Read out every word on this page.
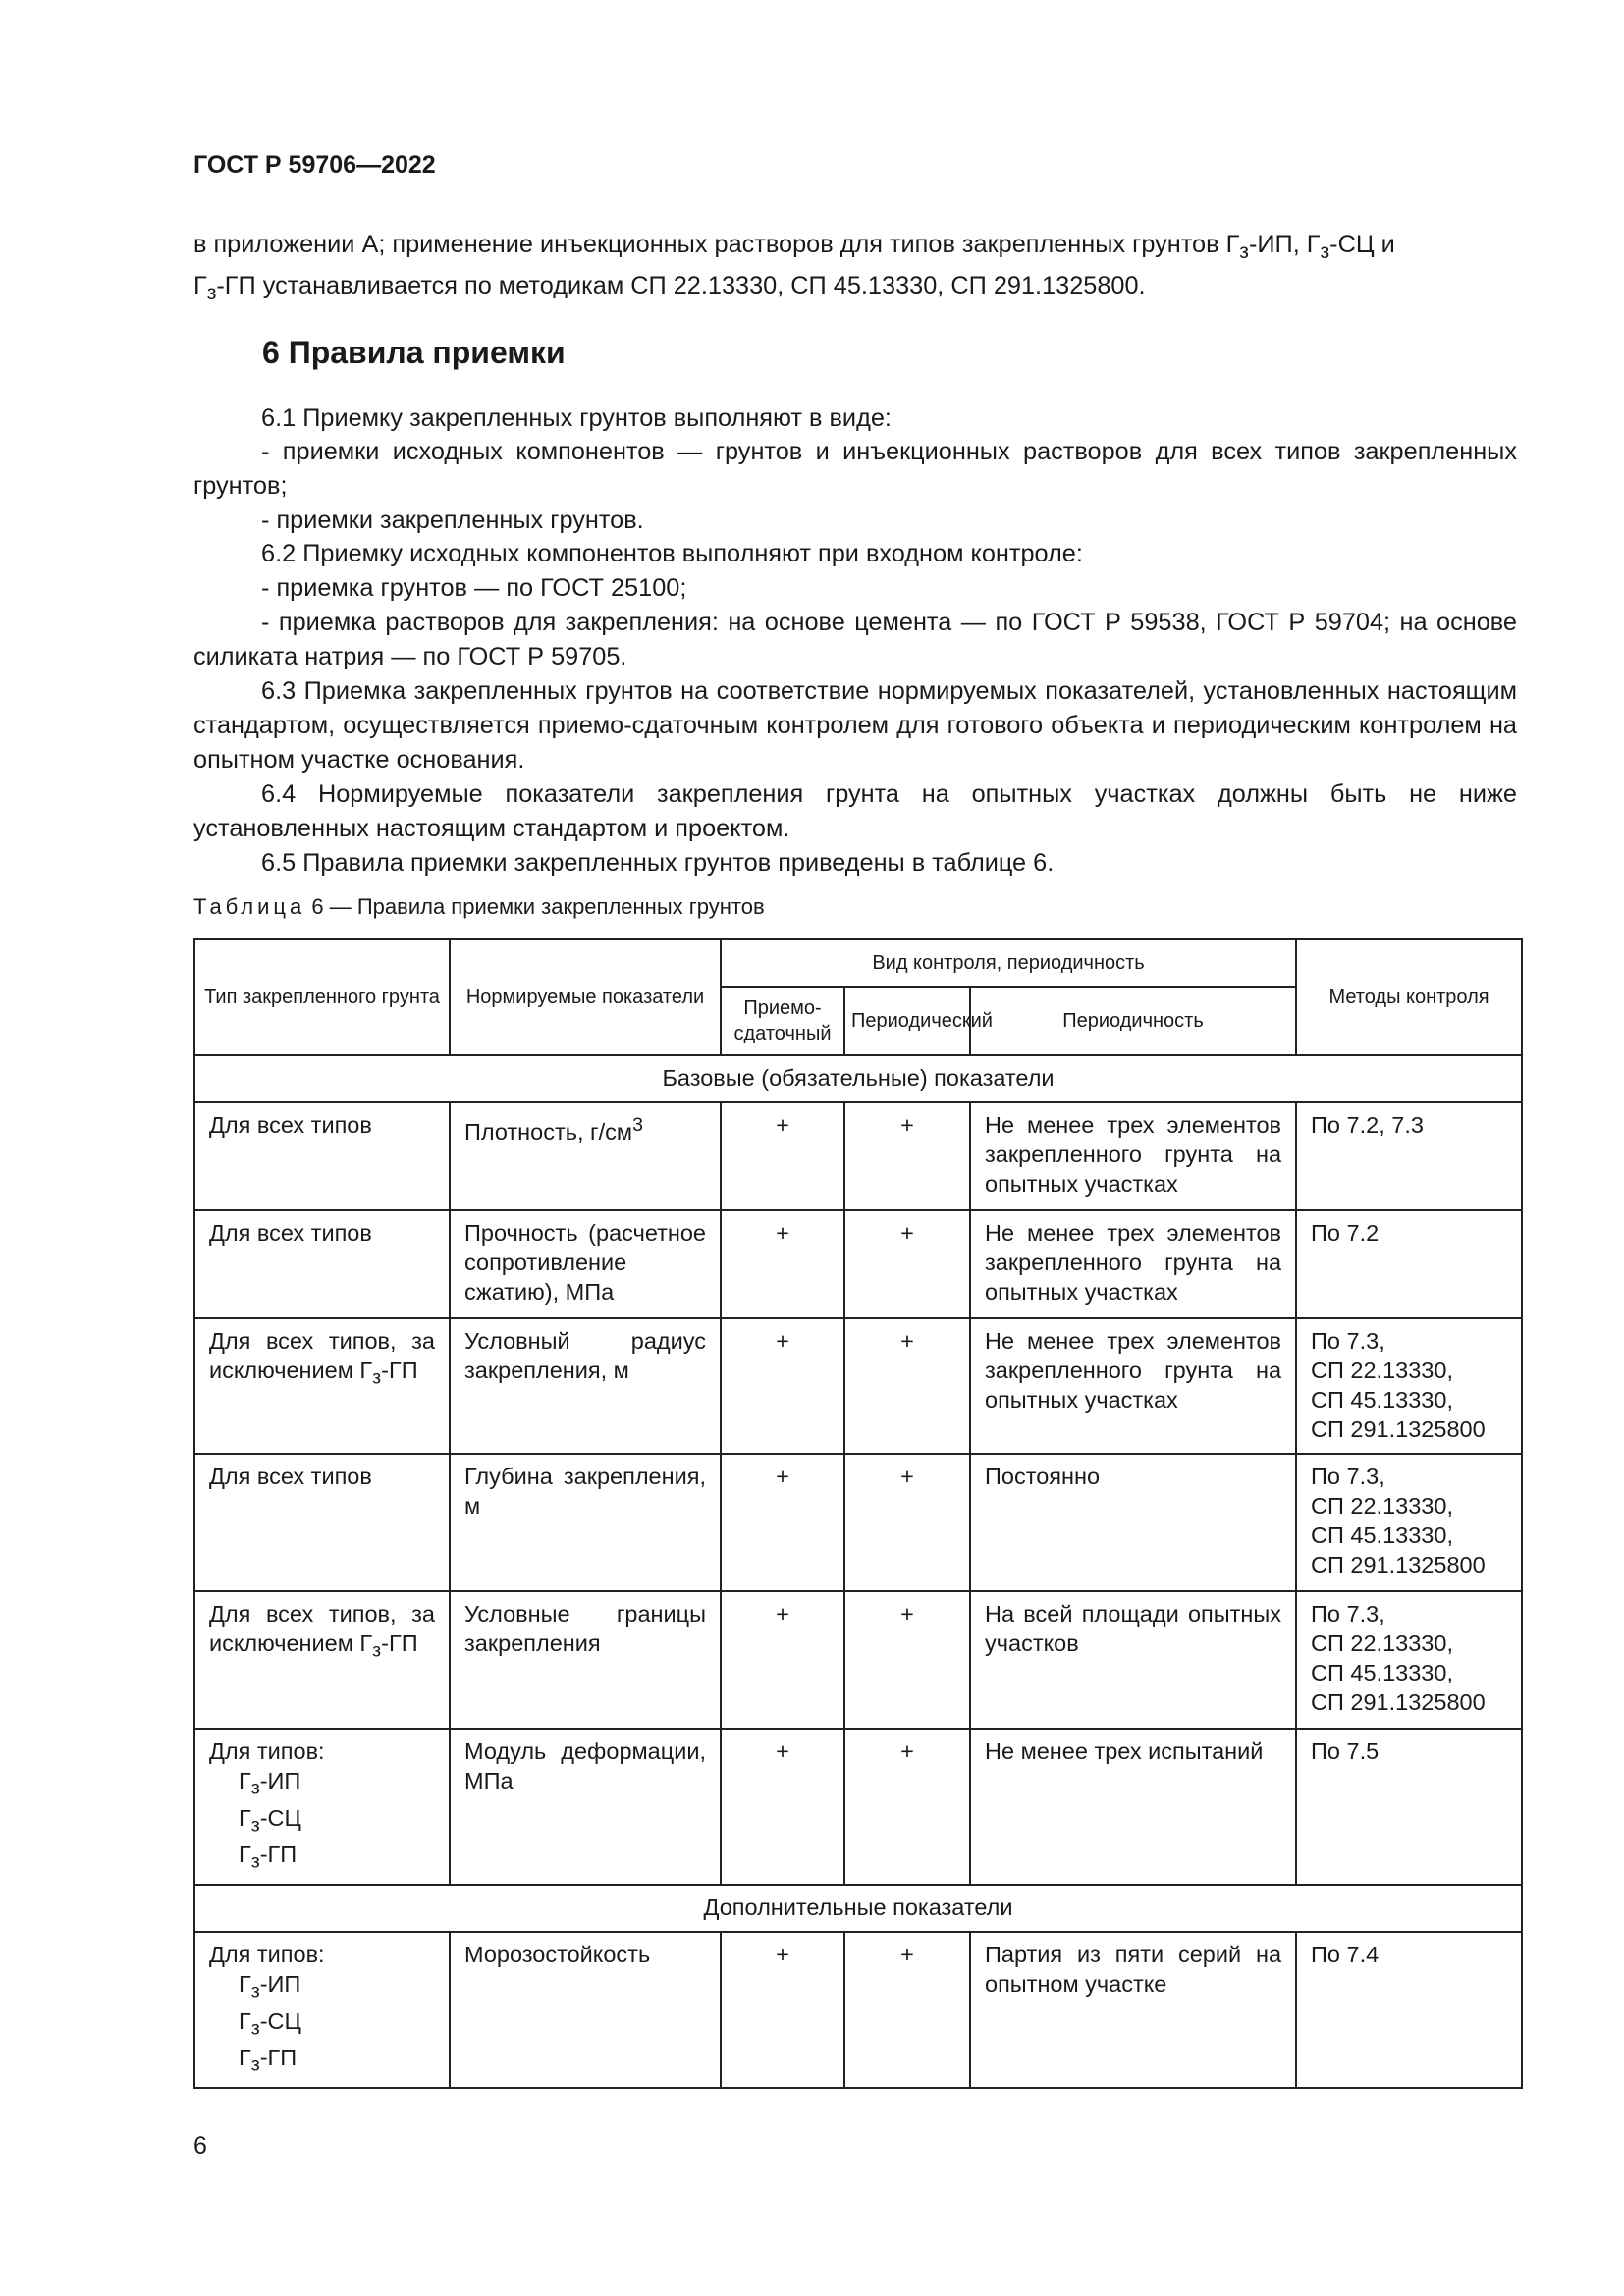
ГОСТ Р 59706—2022

в приложении А; применение инъекционных растворов для типов закрепленных грунтов $Г_з-ИП$, $Г_з-СЦ$ и
$Г_з-ГП$ устанавливается по методикам СП 22.13330, СП 45.13330, СП 291.1325800.

6 Правила приемки

6.1 Приемку закрепленных грунтов выполняют в виде:

- приемки исходных компонентов — грунтов и инъекционных растворов для всех типов закрепленных грунтов;

- приемки закрепленных грунтов.

6.2 Приемку исходных компонентов выполняют при входном контроле:

- приемка грунтов — по ГОСТ 25100;

- приемка растворов для закрепления: на основе цемента — по ГОСТ Р 59538, ГОСТ Р 59704; на основе силиката натрия — по ГОСТ Р 59705.

6.3 Приемка закрепленных грунтов на соответствие нормируемых показателей, установленных настоящим стандартом, осуществляется приемо-сдаточным контролем для готового объекта и периодическим контролем на опытном участке основания.

6.4 Нормируемые показатели закрепления грунта на опытных участках должны быть не ниже установленных настоящим стандартом и проектом.

6.5 Правила приемки закрепленных грунтов приведены в таблице 6.

Таблица 6 — Правила приемки закрепленных грунтов
Тип закрепленного грунта	Нормируемые показатели	Вид контроля, периодичность			Методы контроля
		Приемо-сдаточный	Периодический	Периодичность	
Базовые (обязательные) показатели					
Для всех типов	Плотность, $г/см^3$	+	+	Не менее трех элементов закрепленного грунта на опытных участках	По 7.2, 7.3
Для всех типов	Прочность (расчетное сопротивление сжатию), МПа	+	+	Не менее трех элементов закрепленного грунта на опытных участках	По 7.2
Для всех типов, за исключением $Г_з-ГП$	Условный радиус закрепления, м	+	+	Не менее трех элементов закрепленного грунта на опытных участках	По 7.3,
СП 22.13330,
СП 45.13330,
СП 291.1325800

Для всех типов	Глубина закрепления, м	+	+	Постоянно	По 7.3,
СП 22.13330,
СП 45.13330,
СП 291.1325800

Для всех типов, за исключением $Г_з-ГП$	Условные границы закрепления	+	+	На всей площади опытных участков	По 7.3,
СП 22.13330,
СП 45.13330,
СП 291.1325800

Для типов:
$Г_з-ИП$
$Г_з-СЦ$
$Г_з-ГП$	Модуль деформации, МПа	+	+	Не менее трех испытаний	По 7.5
Дополнительные показатели					

Для типов:
$Г_з-ИП$
$Г_з-СЦ$
$Г_з-ГП$	Морозостойкость	+	+	Партия из пяти серий на опытном участке	По 7.4
6
